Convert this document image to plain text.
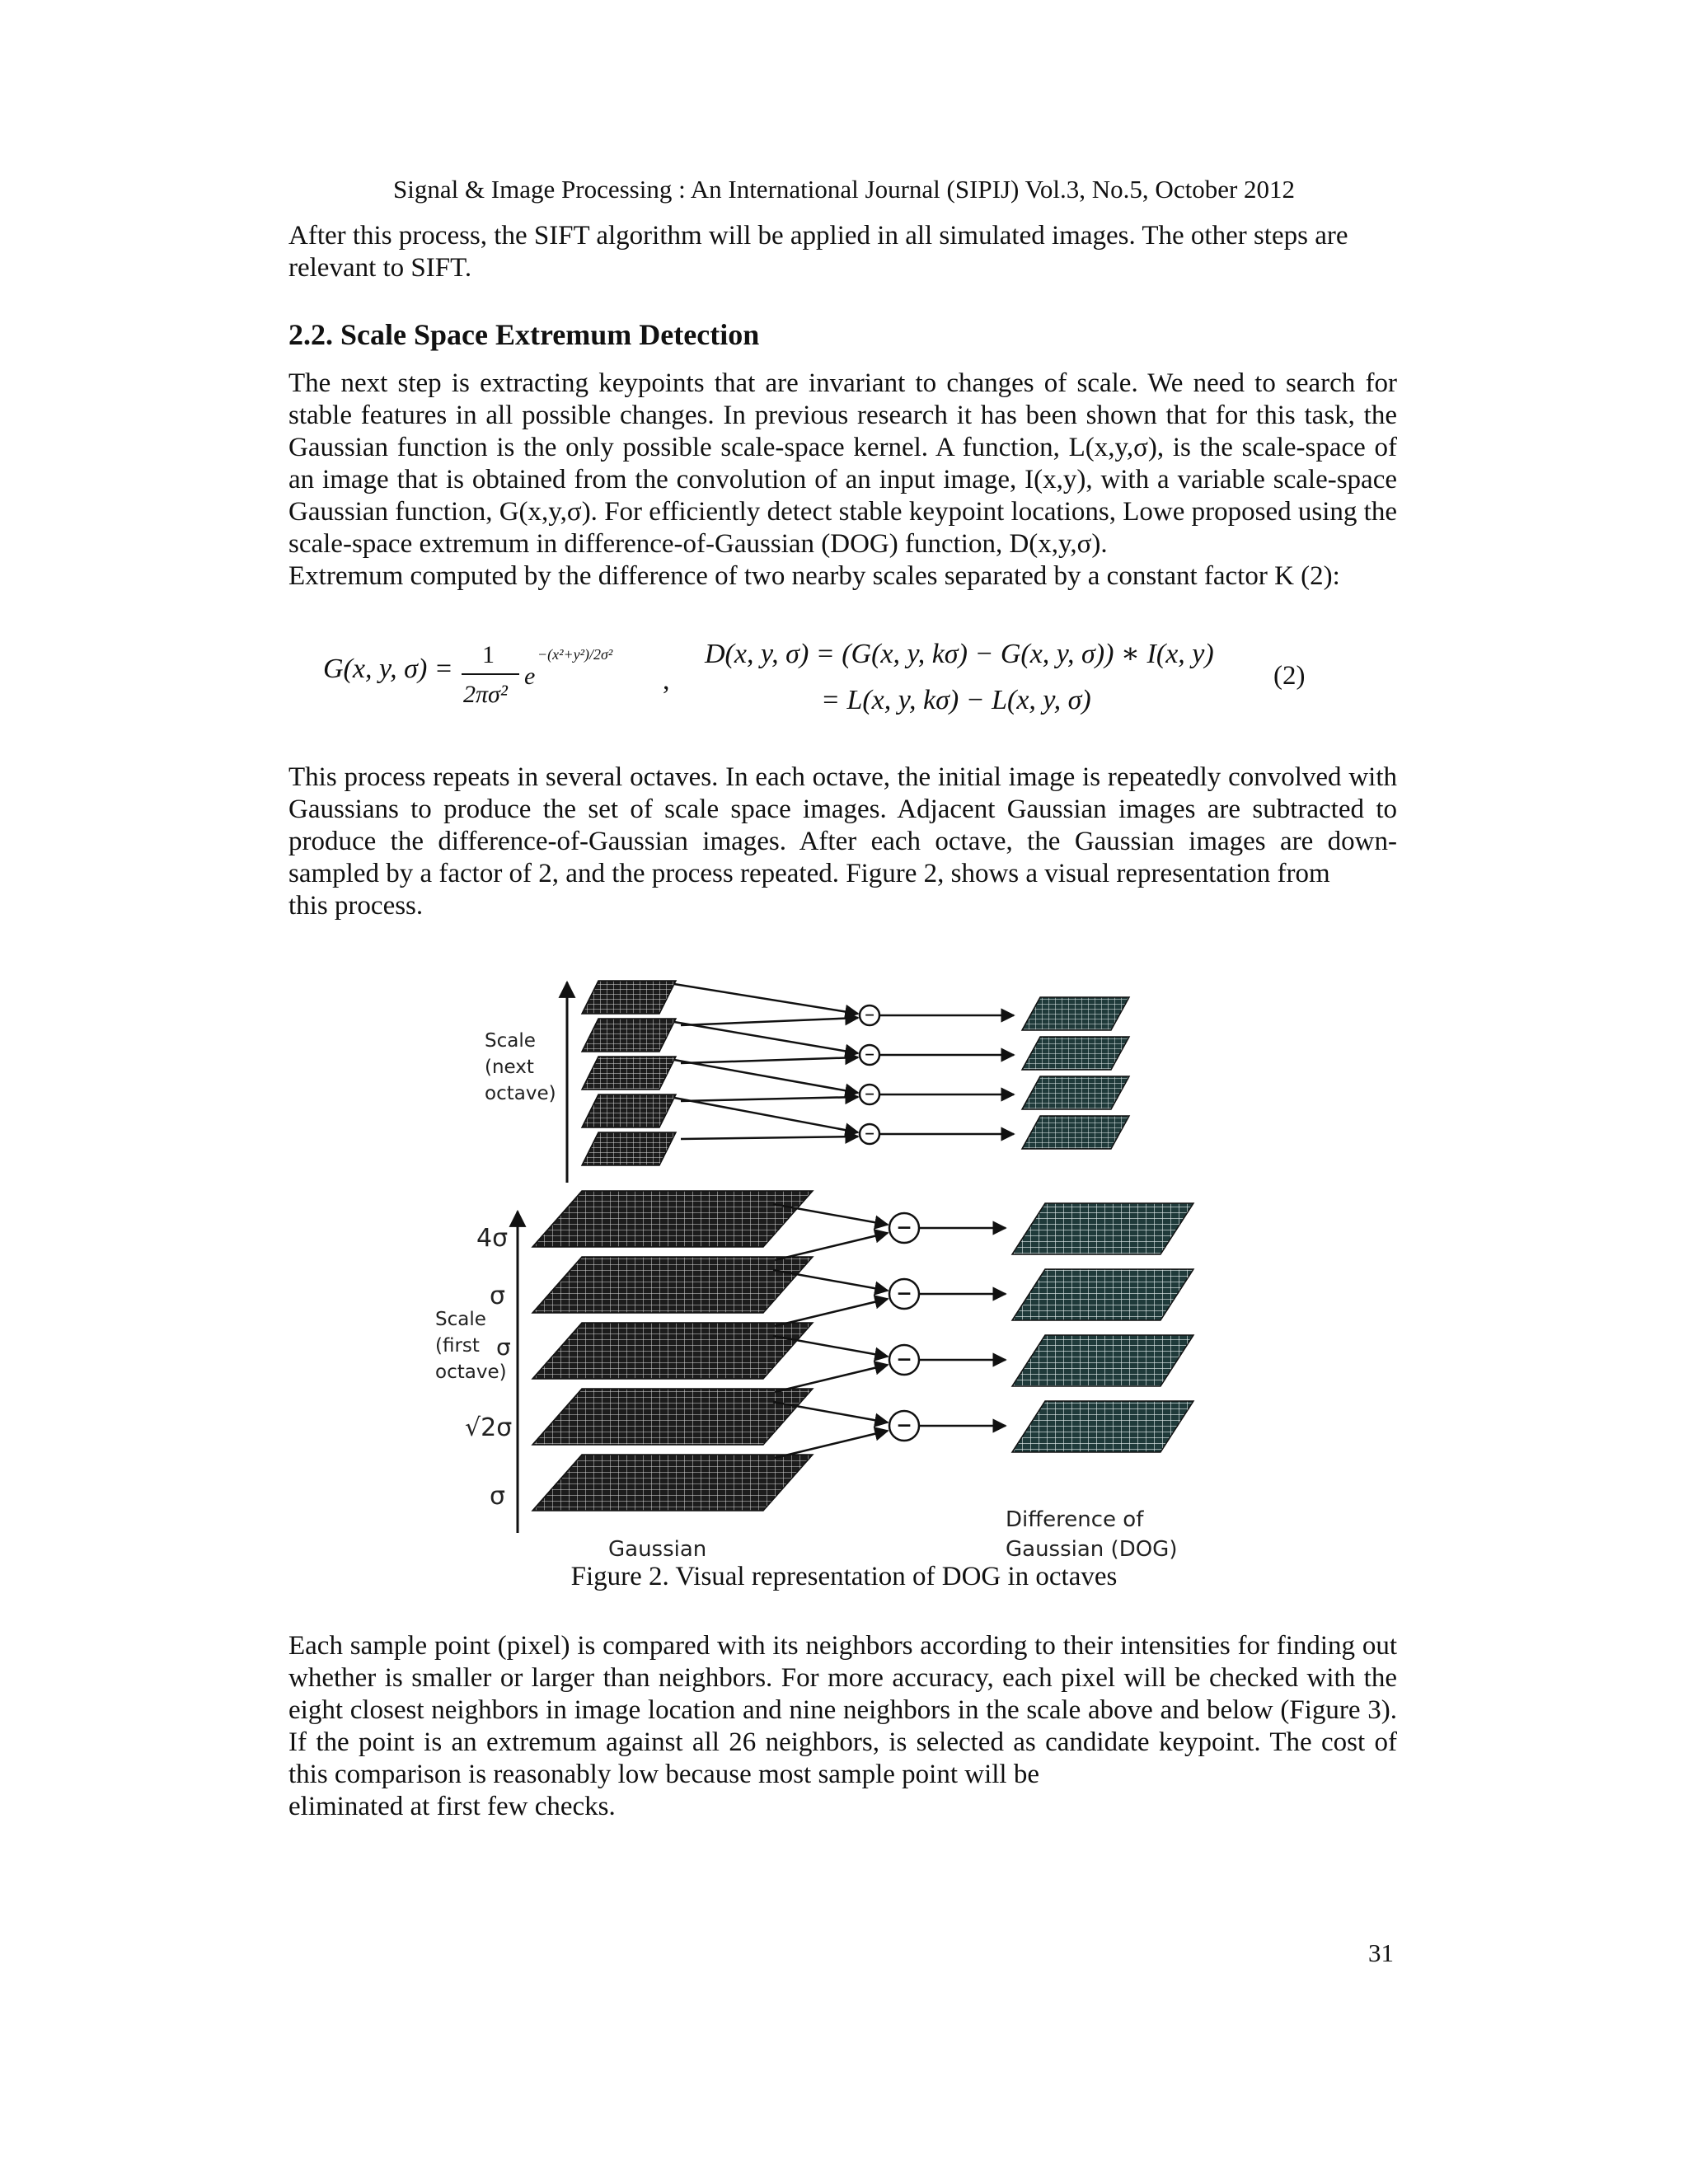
Signal & Image Processing : An International Journal (SIPIJ) Vol.3, No.5, October 2012
After this process, the SIFT algorithm will be applied in all simulated images. The other steps are
relevant to SIFT.
2.2. Scale Space Extremum Detection
The next step is extracting keypoints that are invariant to changes of scale. We need to search for stable features in all possible changes. In previous research it has been shown that for this task, the Gaussian function is the only possible scale-space kernel. A function, L(x,y,σ), is the scale-space of an image that is obtained from the convolution of an input image, I(x,y), with a variable scale-space Gaussian function, G(x,y,σ). For efficiently detect stable keypoint locations, Lowe proposed using the scale-space extremum in difference-of-Gaussian (DOG) function, D(x,y,σ).
Extremum computed by the difference of two nearby scales separated by a constant factor K (2):
G(x, y, σ) = 1
2πσ²
e
−(x²+y²)/2σ²
,
D(x, y, σ) = (G(x, y, kσ) − G(x, y, σ)) ∗ I(x, y)
= L(x, y, kσ) − L(x, y, σ)
(2)
This process repeats in several octaves. In each octave, the initial image is repeatedly convolved with Gaussians to produce the set of scale space images. Adjacent Gaussian images are subtracted to produce the difference-of-Gaussian images. After each octave, the Gaussian images are down-sampled by a factor of 2, and the process repeated. Figure 2, shows a visual representation from
this process.
−
−
−
−
−
−
−
−
Scale
(next
octave)
4σ
σ
Scale
(first σ
octave)
√2σ
σ
Gaussian
Difference of
Gaussian (DOG)
Figure 2. Visual representation of DOG in octaves
Each sample point (pixel) is compared with its neighbors according to their intensities for finding out whether is smaller or larger than neighbors. For more accuracy, each pixel will be checked with the eight closest neighbors in image location and nine neighbors in the scale above and below (Figure 3). If the point is an extremum against all 26 neighbors, is selected as candidate keypoint. The cost of this comparison is reasonably low because most sample point will be
eliminated at first few checks.
31
